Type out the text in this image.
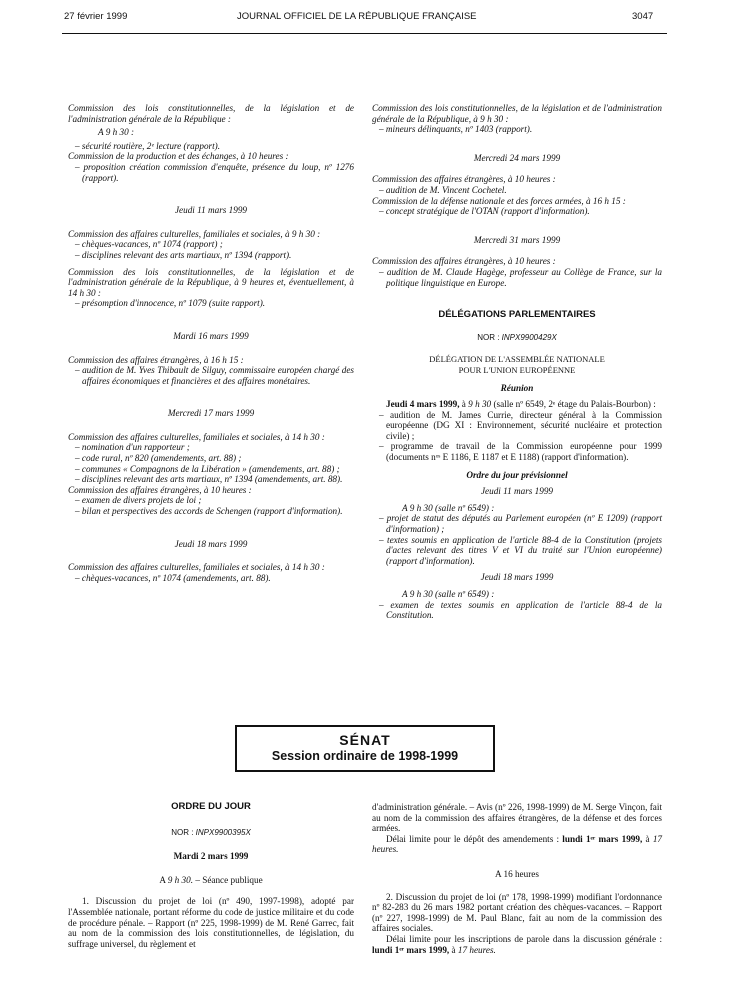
27 février 1999	JOURNAL OFFICIEL DE LA RÉPUBLIQUE FRANÇAISE	3047

Commission des lois constitutionnelles, de la législation et de l'administration générale de la République :

A 9 h 30 :

– sécurité routière, 2ᵉ lecture (rapport).

Commission de la production et des échanges, à 10 heures :

– proposition création commission d'enquête, présence du loup, nº 1276 (rapport).

Jeudi 11 mars 1999

Commission des affaires culturelles, familiales et sociales, à 9 h 30 :

– chèques-vacances, nº 1074 (rapport) ;

– disciplines relevant des arts martiaux, nº 1394 (rapport).

Commission des lois constitutionnelles, de la législation et de l'administration générale de la République, à 9 heures et, éventuellement, à 14 h 30 :

– présomption d'innocence, nº 1079 (suite rapport).

Mardi 16 mars 1999

Commission des affaires étrangères, à 16 h 15 :

– audition de M. Yves Thibault de Silguy, commissaire européen chargé des affaires économiques et financières et des affaires monétaires.

Mercredi 17 mars 1999

Commission des affaires culturelles, familiales et sociales, à 14 h 30 :

– nomination d'un rapporteur ;

– code rural, nº 820 (amendements, art. 88) ;

– communes « Compagnons de la Libération » (amendements, art. 88) ;

– disciplines relevant des arts martiaux, nº 1394 (amendements, art. 88).

Commission des affaires étrangères, à 10 heures :

– examen de divers projets de loi ;

– bilan et perspectives des accords de Schengen (rapport d'information).

Jeudi 18 mars 1999

Commission des affaires culturelles, familiales et sociales, à 14 h 30 :

– chèques-vacances, nº 1074 (amendements, art. 88).

Commission des lois constitutionnelles, de la législation et de l'administration générale de la République, à 9 h 30 :

– mineurs délinquants, nº 1403 (rapport).

Mercredi 24 mars 1999

Commission des affaires étrangères, à 10 heures :

– audition de M. Vincent Cochetel.

Commission de la défense nationale et des forces armées, à 16 h 15 :

– concept stratégique de l'OTAN (rapport d'information).

Mercredi 31 mars 1999

Commission des affaires étrangères, à 10 heures :

– audition de M. Claude Hagège, professeur au Collège de France, sur la politique linguistique en Europe.

DÉLÉGATIONS PARLEMENTAIRES

NOR : INPX9900429X

DÉLÉGATION DE L'ASSEMBLÉE NATIONALE

POUR L'UNION EUROPÉENNE

Réunion

Jeudi 4 mars 1999, à 9 h 30 (salle nº 6549, 2ᵉ étage du Palais-Bourbon) :

– audition de M. James Currie, directeur général à la Commission européenne (DG XI : Environnement, sécurité nucléaire et protection civile) ;

– programme de travail de la Commission européenne pour 1999 (documents nᵒˢ E 1186, E 1187 et E 1188) (rapport d'information).

Ordre du jour prévisionnel

Jeudi 11 mars 1999

A 9 h 30 (salle nº 6549) :

– projet de statut des députés au Parlement européen (nº E 1209) (rapport d'information) ;

– textes soumis en application de l'article 88-4 de la Constitution (projets d'actes relevant des titres V et VI du traité sur l'Union européenne) (rapport d'information).

Jeudi 18 mars 1999

A 9 h 30 (salle nº 6549) :

– examen de textes soumis en application de l'article 88-4 de la Constitution.

SÉNAT
Session ordinaire de 1998-1999

ORDRE DU JOUR

NOR : INPX9900395X

Mardi 2 mars 1999

A 9 h 30. – Séance publique

1. Discussion du projet de loi (nº 490, 1997-1998), adopté par l'Assemblée nationale, portant réforme du code de justice militaire et du code de procédure pénale. – Rapport (nº 225, 1998-1999) de M. René Garrec, fait au nom de la commission des lois constitutionnelles, de législation, du suffrage universel, du règlement et

d'administration générale. – Avis (nº 226, 1998-1999) de M. Serge Vinçon, fait au nom de la commission des affaires étrangères, de la défense et des forces armées.

Délai limite pour le dépôt des amendements : lundi 1ᵉʳ mars 1999, à 17 heures.

A 16 heures

2. Discussion du projet de loi (nº 178, 1998-1999) modifiant l'ordonnance nº 82-283 du 26 mars 1982 portant création des chèques-vacances. – Rapport (nº 227, 1998-1999) de M. Paul Blanc, fait au nom de la commission des affaires sociales.

Délai limite pour les inscriptions de parole dans la discussion générale : lundi 1ᵉʳ mars 1999, à 17 heures.
